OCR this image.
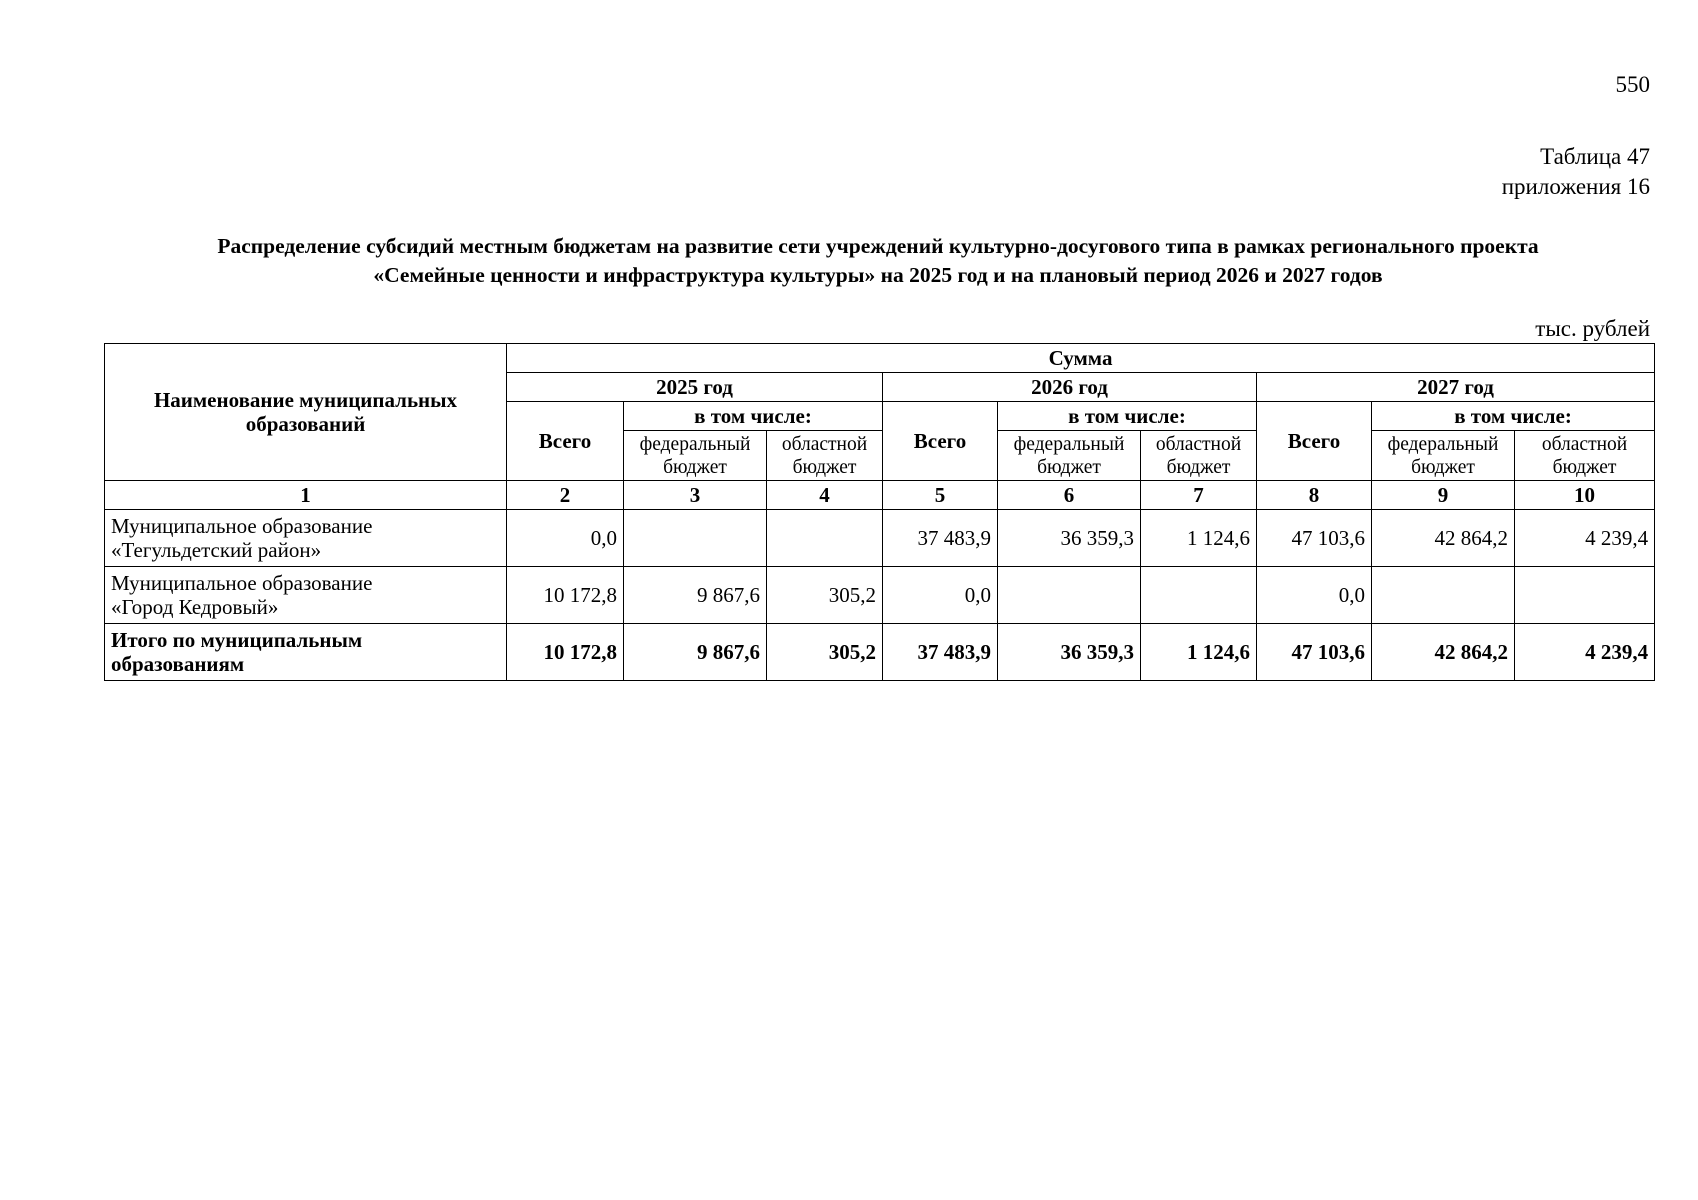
550
Таблица 47
приложения 16
Распределение субсидий местным бюджетам на развитие сети учреждений культурно-досугового типа в рамках регионального проекта
«Семейные ценности и инфраструктура культуры» на 2025 год и на плановый период 2026 и 2027 годов
тыс. рублей
Наименование муниципальных образований	Сумма								
	2025 год			2026 год			2027 год		
	Всего	в том числе:		Всего	в том числе:		Всего	в том числе:	
		федеральный бюджет	областной бюджет		федеральный бюджет	областной бюджет		федеральный бюджет	областной бюджет
1	2	3	4	5	6	7	8	9	10

Муниципальное образование
«Тегульдетский район»	0,0			37 483,9	36 359,3	1 124,6	47 103,6	42 864,2	4 239,4

Муниципальное образование
«Город Кедровый»	10 172,8	9 867,6	305,2	0,0			0,0		

Итого по муниципальным
образованиям	10 172,8	9 867,6	305,2	37 483,9	36 359,3	1 124,6	47 103,6	42 864,2	4 239,4
